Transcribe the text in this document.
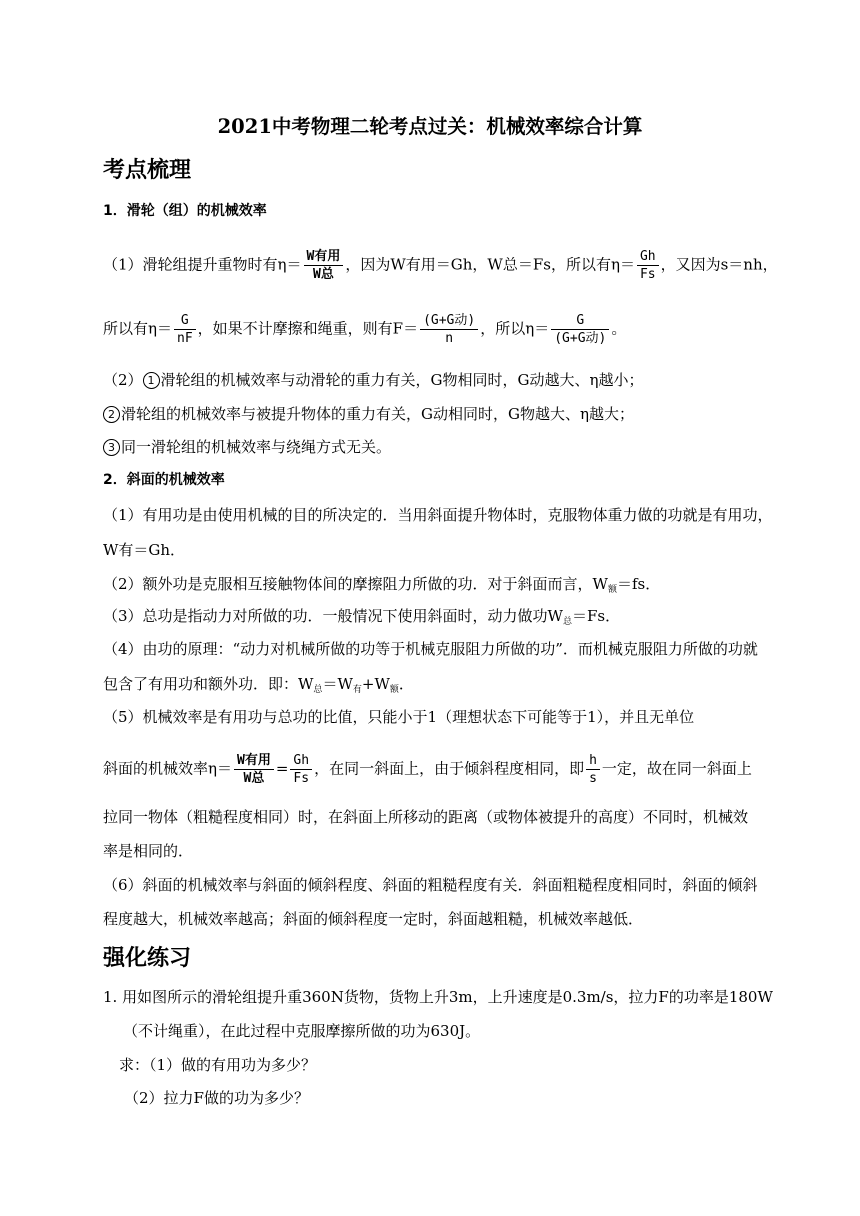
2021中考物理二轮考点过关：机械效率综合计算
考点梳理
1．滑轮（组）的机械效率
（1）滑轮组提升重物时有$\eta= \frac{\text{W有用}}{\text{W总}}$ ，因为W有用＝Gh，W总＝Fs，所以有$\eta= \frac{Gh}{Fs}$ ，又因为s＝nh，
所以有$\eta= \frac{G}{nF}$ ，如果不计摩擦和绳重，则有$F= \frac{\text{(G+G动)}}{n}$ ，所以$\eta= \frac{G}{\text{(G+G动)}}$ 。
（2） 1 滑轮组的机械效率与动滑轮的重力有关，G物相同时，G动越大、η越小；
2 滑轮组的机械效率与被提升物体的重力有关，G动相同时，G物越大、η越大；
3 同一滑轮组的机械效率与绕绳方式无关。
2．斜面的机械效率
（1）有用功是由使用机械的目的所决定的．当用斜面提升物体时，克服物体重力做的功就是有用功，
W有＝Gh．
（2）额外功是克服相互接触物体间的摩擦阻力所做的功．对于斜面而言，$W_额=fs$．
（3）总功是指动力对所做的功．一般情况下使用斜面时，动力做功$W_总=Fs$．
（4）由功的原理：“动力对机械所做的功等于机械克服阻力所做的功”．而机械克服阻力所做的功就
包含了有用功和额外功．即：$W_总=W_有+W_额$．
（5）机械效率是有用功与总功的比值，只能小于1（理想状态下可能等于1），并且无单位
斜面的机械效率$\eta= \frac{\text{W有用}}{\text{W总}} = \frac{Gh}{Fs}$ ，在同一斜面上，由于倾斜程度相同，即 $\frac{h}{s}$ 一定，故在同一斜面上
拉同一物体（粗糙程度相同）时，在斜面上所移动的距离（或物体被提升的高度）不同时，机械效
率是相同的．
（6）斜面的机械效率与斜面的倾斜程度、斜面的粗糙程度有关．斜面粗糙程度相同时，斜面的倾斜
程度越大，机械效率越高；斜面的倾斜程度一定时，斜面越粗糙，机械效率越低．
强化练习
1. 用如图所示的滑轮组提升重360N货物，货物上升3m，上升速度是0.3m/s，拉力F的功率是180W
（不计绳重），在此过程中克服摩擦所做的功为630J。
求：（1）做的有用功为多少？
（2）拉力F做的功为多少？
